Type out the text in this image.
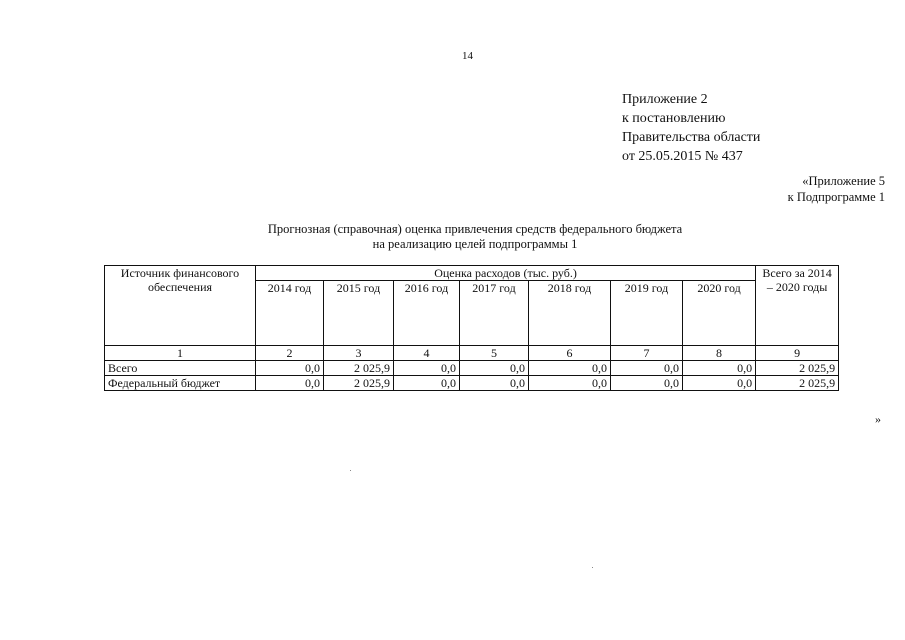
14
Приложение 2
к постановлению
Правительства области
от 25.05.2015 № 437
«Приложение 5
к Подпрограмме 1
Прогнозная (справочная) оценка привлечения средств федерального бюджета
на реализацию целей подпрограммы 1
Источник финансового обеспечения	Оценка расходов (тыс. руб.)							Всего за 2014 – 2020 годы
	2014 год	2015 год	2016 год	2017 год	2018 год	2019 год	2020 год	
1	2	3	4	5	6	7	8	9
Всего	0,0	2 025,9	0,0	0,0	0,0	0,0	0,0	2 025,9
Федеральный бюджет	0,0	2 025,9	0,0	0,0	0,0	0,0	0,0	2 025,9
»
